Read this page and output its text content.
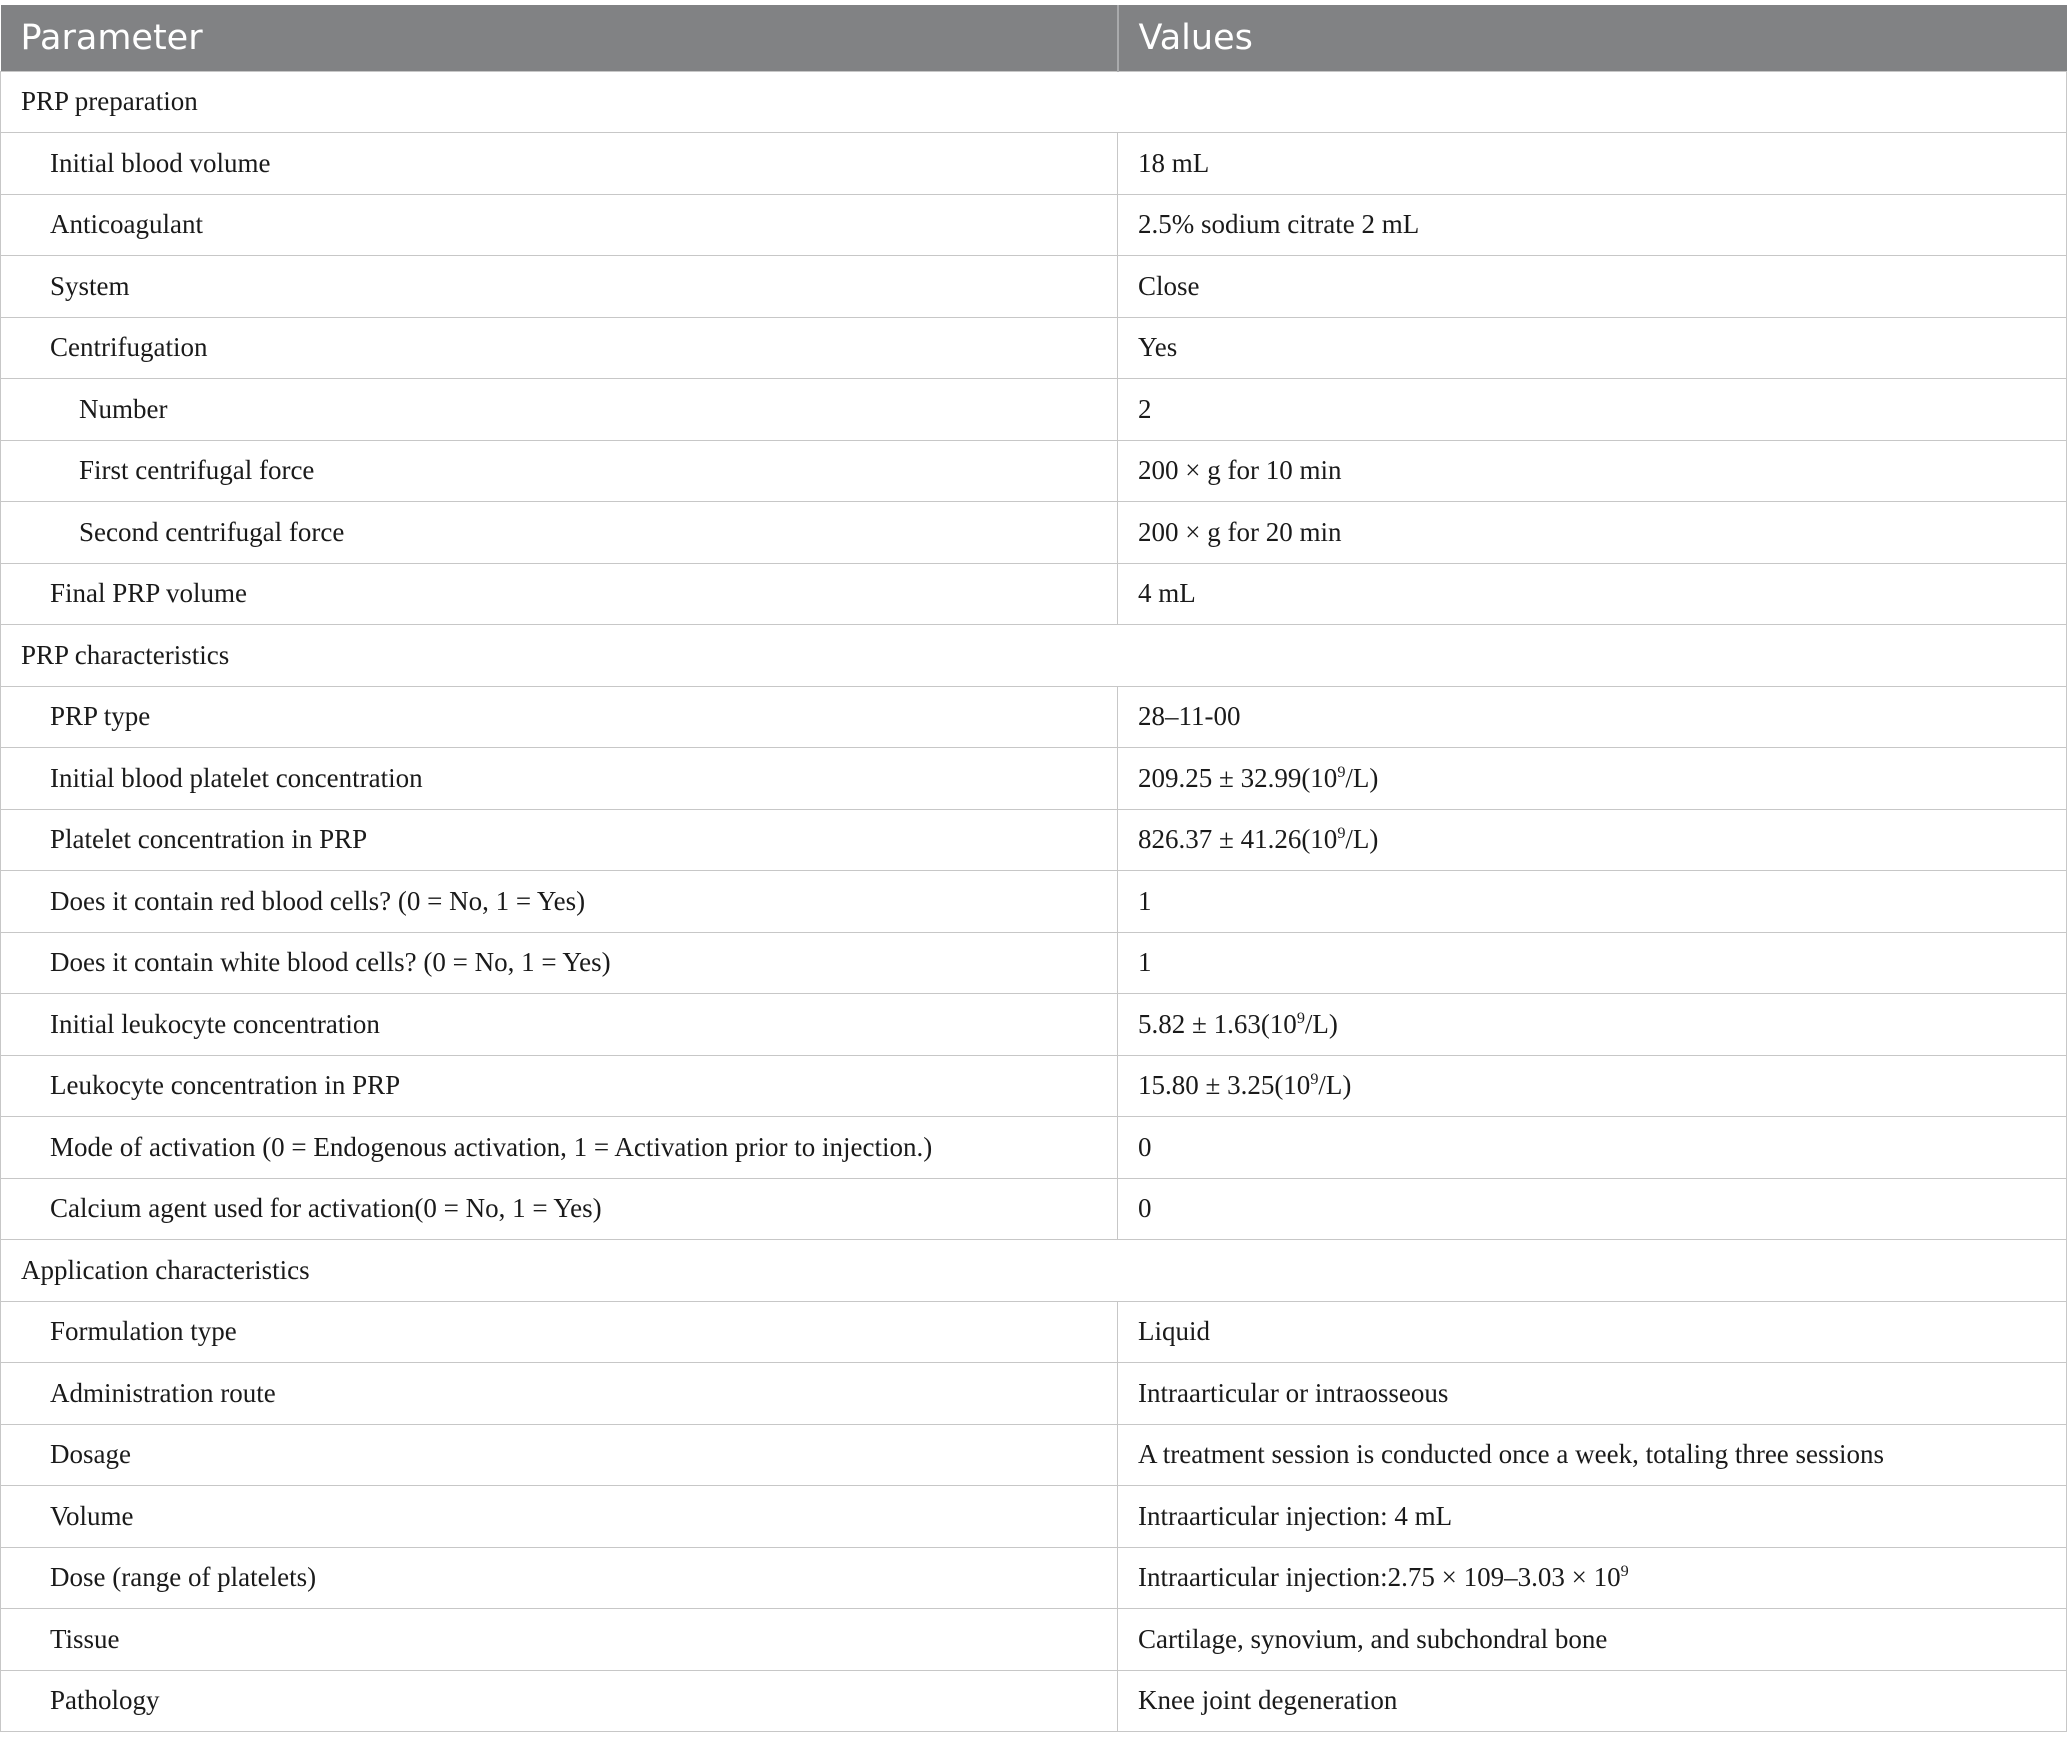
Parameter	Values
PRP preparation	
Initial blood volume	18 mL
Anticoagulant	2.5% sodium citrate 2 mL
System	Close
Centrifugation	Yes
Number	2
First centrifugal force	200 × g for 10 min
Second centrifugal force	200 × g for 20 min
Final PRP volume	4 mL
PRP characteristics	
PRP type	28–11-00
Initial blood platelet concentration	$209.25 \pm 32.99(10^9/L)$
Platelet concentration in PRP	$826.37 \pm 41.26(10^9/L)$
Does it contain red blood cells? (0 = No, 1 = Yes)	1
Does it contain white blood cells? (0 = No, 1 = Yes)	1
Initial leukocyte concentration	$5.82 \pm 1.63(10^9/L)$
Leukocyte concentration in PRP	$15.80 \pm 3.25(10^9/L)$
Mode of activation (0 = Endogenous activation, 1 = Activation prior to injection.)	0
Calcium agent used for activation(0 = No, 1 = Yes)	0
Application characteristics	
Formulation type	Liquid
Administration route	Intraarticular or intraosseous
Dosage	A treatment session is conducted once a week, totaling three sessions
Volume	Intraarticular injection: 4 mL
Dose (range of platelets)	Intraarticular injection:2.75 × $109-3.03 \times 10^9$
Tissue	Cartilage, synovium, and subchondral bone
Pathology	Knee joint degeneration
